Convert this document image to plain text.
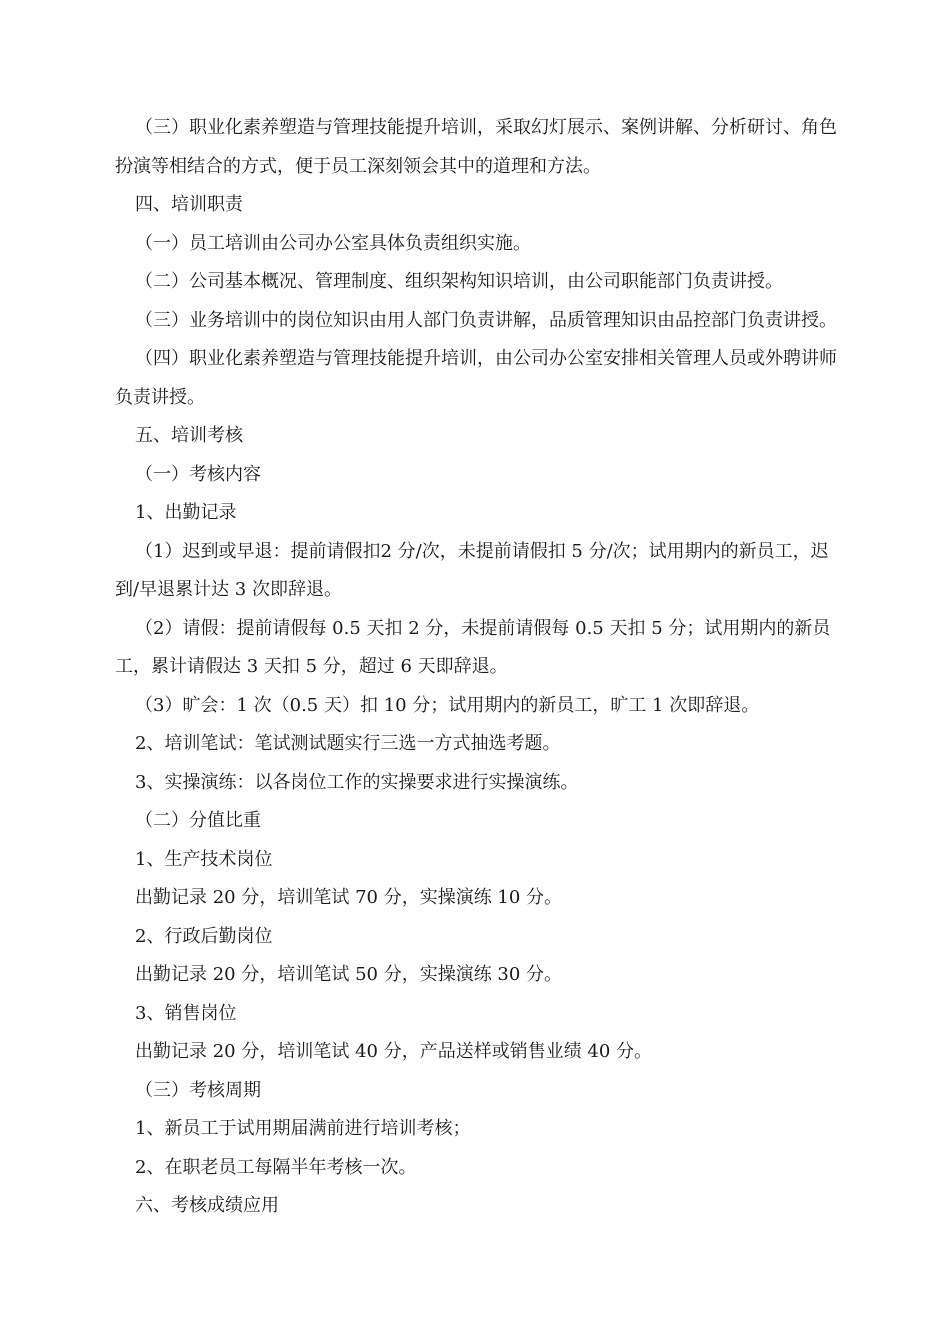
（三）职业化素养塑造与管理技能提升培训，采取幻灯展示、案例讲解、分析研讨、角色扮演等相结合的方式，便于员工深刻领会其中的道理和方法。

四、培训职责

（一）员工培训由公司办公室具体负责组织实施。

（二）公司基本概况、管理制度、组织架构知识培训，由公司职能部门负责讲授。

（三）业务培训中的岗位知识由用人部门负责讲解，品质管理知识由品控部门负责讲授。

（四）职业化素养塑造与管理技能提升培训，由公司办公室安排相关管理人员或外聘讲师负责讲授。

五、培训考核

（一）考核内容

1、出勤记录

（1）迟到或早退：提前请假扣2 分/次，未提前请假扣 5 分/次；试用期内的新员工，迟到/早退累计达 3 次即辞退。

（2）请假：提前请假每 0.5 天扣 2 分，未提前请假每 0.5 天扣 5 分；试用期内的新员工，累计请假达 3 天扣 5 分，超过 6 天即辞退。

（3）旷会：1 次（0.5 天）扣 10 分；试用期内的新员工，旷工 1 次即辞退。

2、培训笔试：笔试测试题实行三选一方式抽选考题。

3、实操演练：以各岗位工作的实操要求进行实操演练。

（二）分值比重

1、生产技术岗位

出勤记录 20 分，培训笔试 70 分，实操演练 10 分。

2、行政后勤岗位

出勤记录 20 分，培训笔试 50 分，实操演练 30 分。

3、销售岗位

出勤记录 20 分，培训笔试 40 分，产品送样或销售业绩 40 分。

（三）考核周期

1、新员工于试用期届满前进行培训考核；

2、在职老员工每隔半年考核一次。

六、考核成绩应用
